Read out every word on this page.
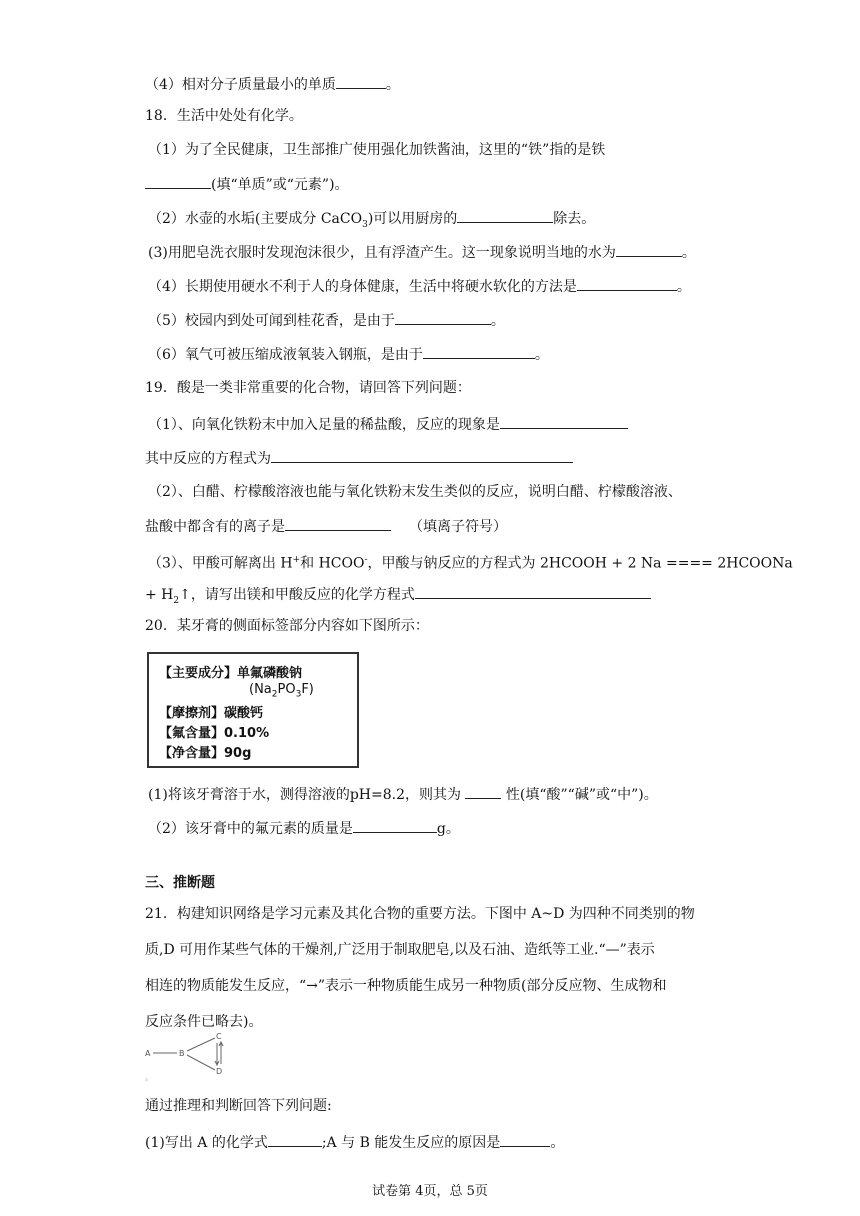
（4）相对分子质量最小的单质	。
18．生活中处处有化学。
（1）为了全民健康，卫生部推广使用强化加铁酱油，这里的“铁”指的是铁
(填“单质”或“元素”)。
（2）水壶的水垢(主要成分 CaCO$_3$)可以用厨房的	除去。
(3)用肥皂洗衣服时发现泡沫很少，且有浮渣产生。这一现象说明当地的水为	。
（4）长期使用硬水不利于人的身体健康，生活中将硬水软化的方法是	。
（5）校园内到处可闻到桂花香，是由于	。
（6）氧气可被压缩成液氧装入钢瓶，是由于	。
19．酸是一类非常重要的化合物，请回答下列问题：
（1）、向氧化铁粉末中加入足量的稀盐酸，反应的现象是
其中反应的方程式为
（2）、白醋、柠檬酸溶液也能与氧化铁粉末发生类似的反应，说明白醋、柠檬酸溶液、
盐酸中都含有的离子是	（填离子符号）
（3）、甲酸可解离出 H+和 HCOO-，甲酸与钠反应的方程式为 2HCOOH + 2 Na ==== 2HCOONa
+ $H_2↑$，请写出镁和甲酸反应的化学方程式
20．某牙膏的侧面标签部分内容如下图所示：
【主要成分】单氟磷酸钠
$(Na_2PO_3F)$
【摩擦剂】碳酸钙
【氟含量】0.10%
【净含量】90g
(1)将该牙膏溶于水，测得溶液的pH=8.2，则其为	性(填“酸”“碱”或“中”)。
（2）该牙膏中的氟元素的质量是	g。
三、推断题
21．构建知识网络是学习元素及其化合物的重要方法。下图中 A~D 为四种不同类别的物
质,D 可用作某些气体的干燥剂,广泛用于制取肥皂,以及石油、造纸等工业.“—”表示
相连的物质能发生反应，“→”表示一种物质能生成另一种物质(部分反应物、生成物和
反应条件已略去)。
A	B
C
D
。
通过推理和判断回答下列问题:
(1)写出 A 的化学式	;A 与 B 能发生反应的原因是	。
试卷第 4页，总 5页
